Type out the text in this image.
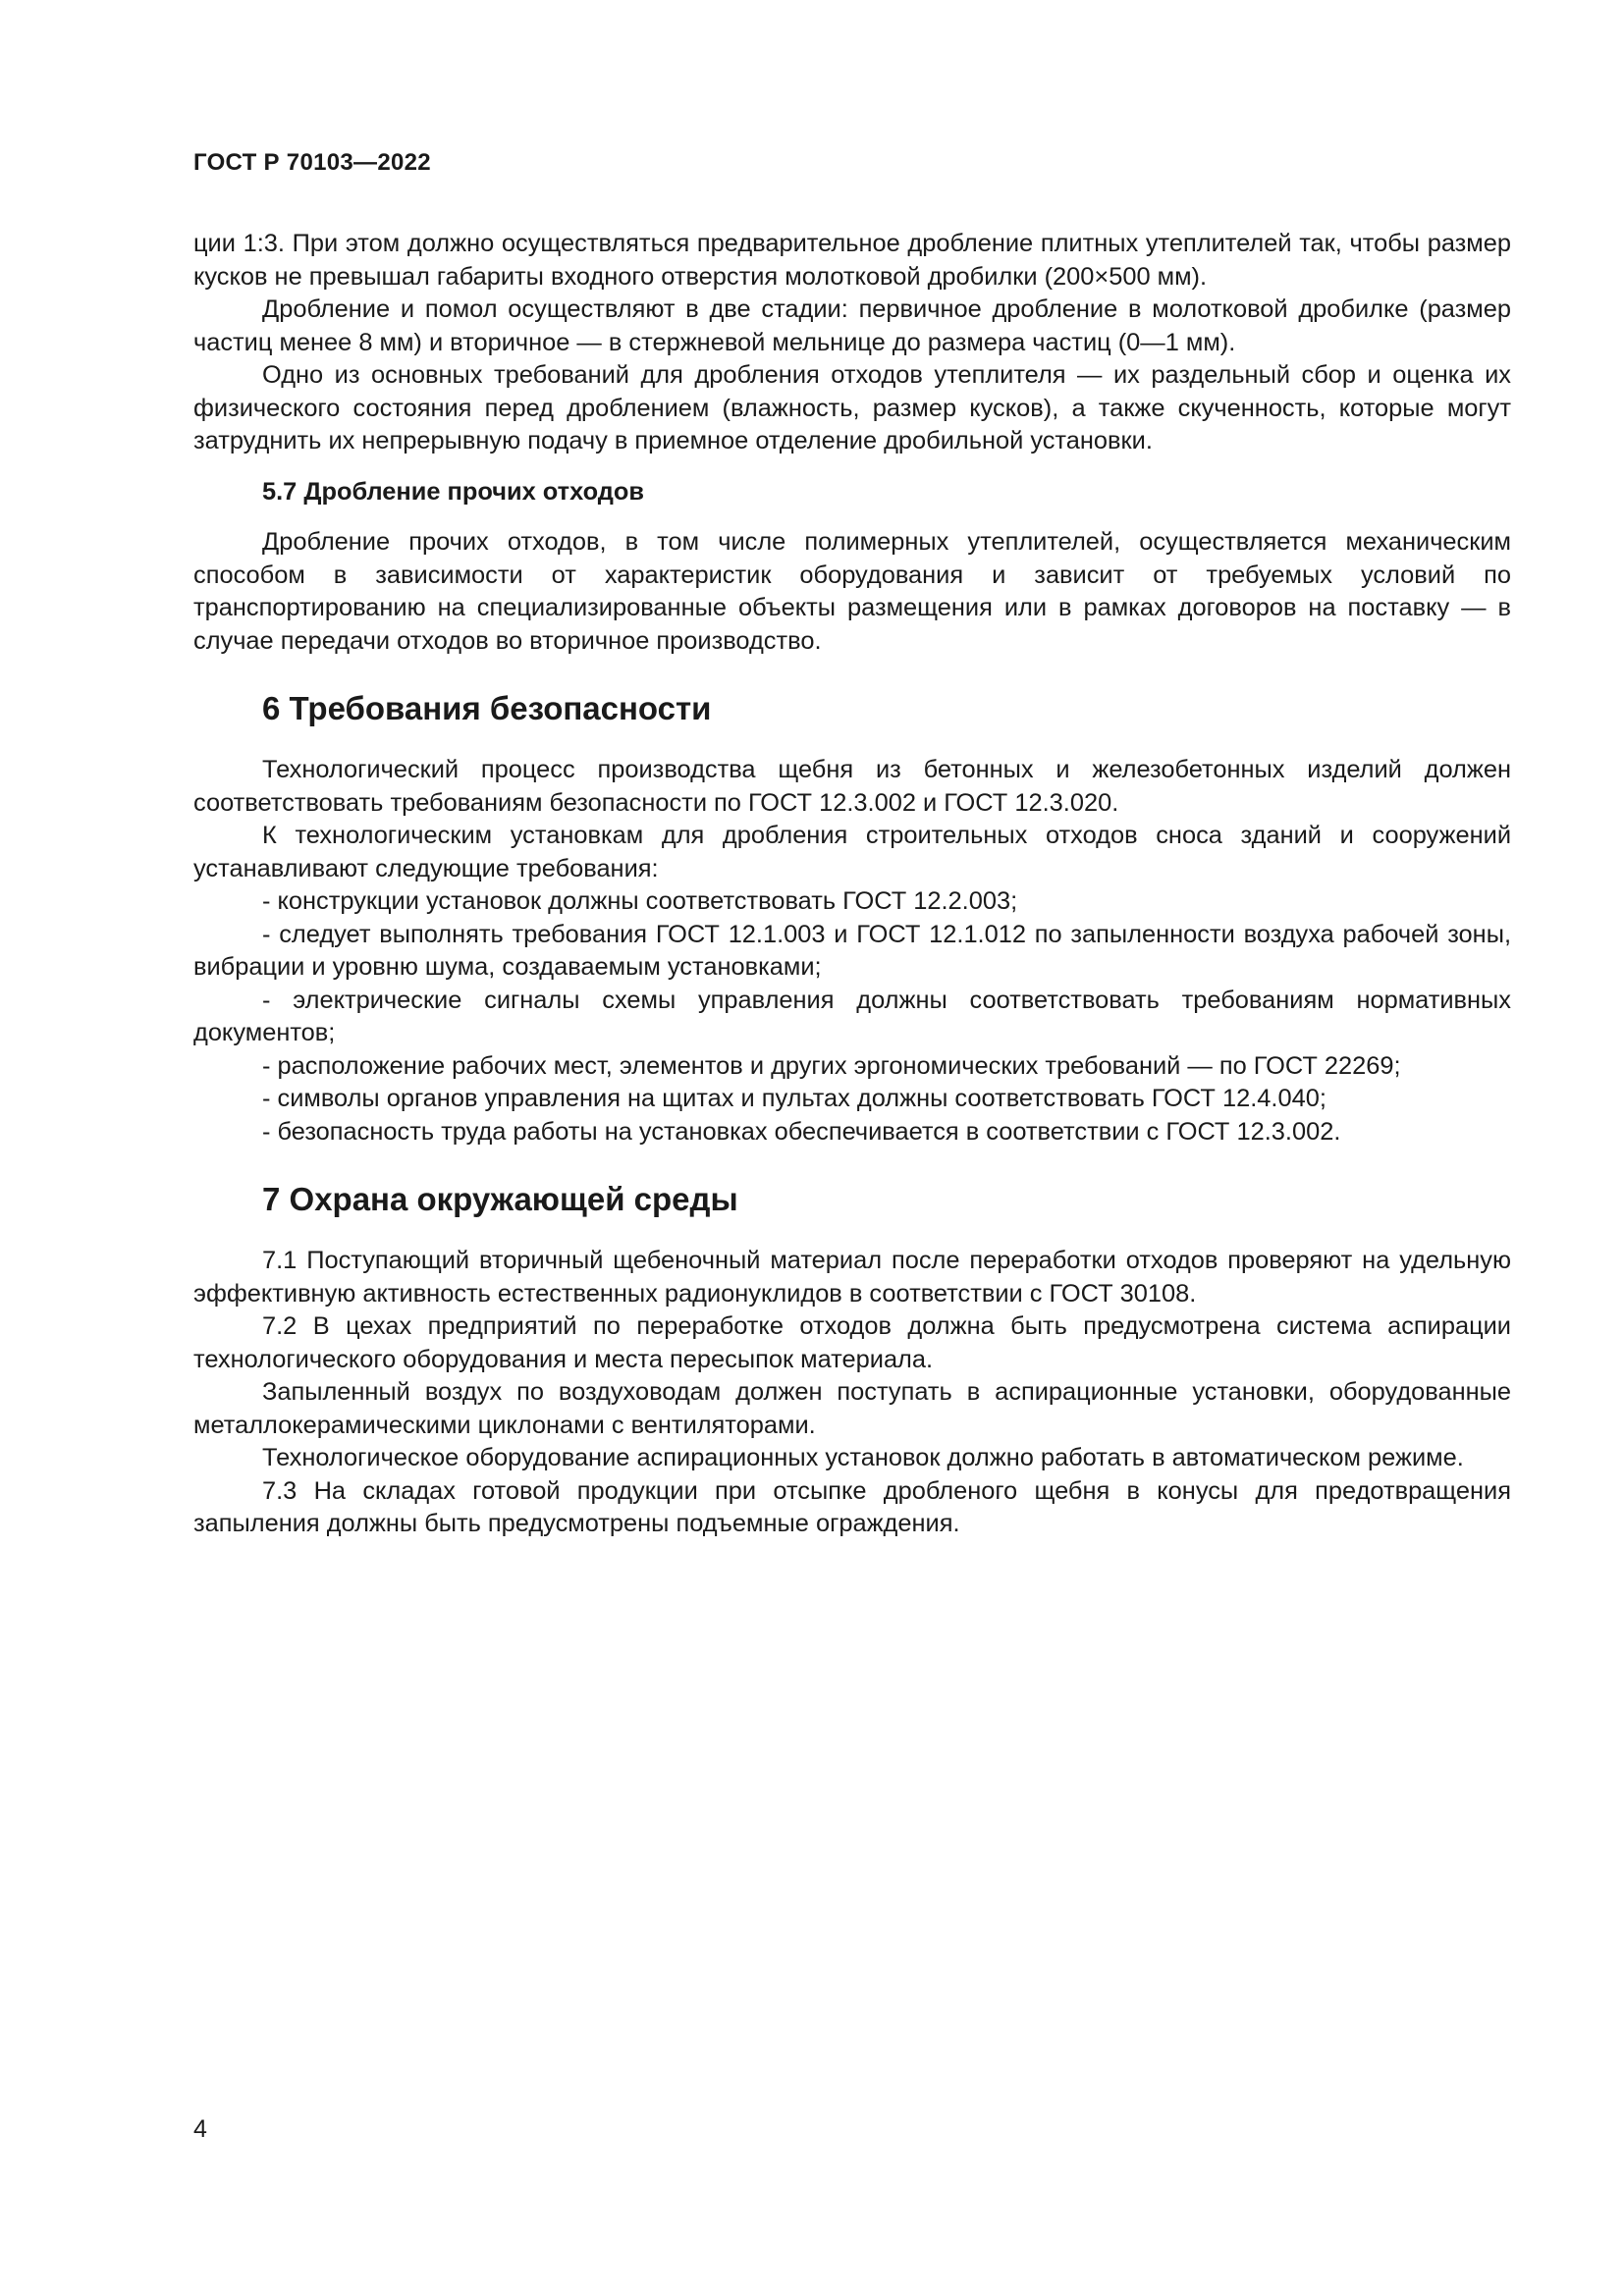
ГОСТ Р 70103—2022

ции 1:3. При этом должно осуществляться предварительное дробление плитных утеплителей так, чтобы размер кусков не превышал габариты входного отверстия молотковой дробилки (200×500 мм).

Дробление и помол осуществляют в две стадии: первичное дробление в молотковой дробилке (размер частиц менее 8 мм) и вторичное — в стержневой мельнице до размера частиц (0—1 мм).

Одно из основных требований для дробления отходов утеплителя — их раздельный сбор и оценка их физического состояния перед дроблением (влажность, размер кусков), а также скученность, которые могут затруднить их непрерывную подачу в приемное отделение дробильной установки.

5.7 Дробление прочих отходов

Дробление прочих отходов, в том числе полимерных утеплителей, осуществляется механическим способом в зависимости от характеристик оборудования и зависит от требуемых условий по транспортированию на специализированные объекты размещения или в рамках договоров на поставку — в случае передачи отходов во вторичное производство.

6 Требования безопасности

Технологический процесс производства щебня из бетонных и железобетонных изделий должен соответствовать требованиям безопасности по ГОСТ 12.3.002 и ГОСТ 12.3.020.

К технологическим установкам для дробления строительных отходов сноса зданий и сооружений устанавливают следующие требования:

- конструкции установок должны соответствовать ГОСТ 12.2.003;

- следует выполнять требования ГОСТ 12.1.003 и ГОСТ 12.1.012 по запыленности воздуха рабочей зоны, вибрации и уровню шума, создаваемым установками;

- электрические сигналы схемы управления должны соответствовать требованиям нормативных документов;

- расположение рабочих мест, элементов и других эргономических требований — по ГОСТ 22269;

- символы органов управления на щитах и пультах должны соответствовать ГОСТ 12.4.040;

- безопасность труда работы на установках обеспечивается в соответствии с ГОСТ 12.3.002.

7 Охрана окружающей среды

7.1 Поступающий вторичный щебеночный материал после переработки отходов проверяют на удельную эффективную активность естественных радионуклидов в соответствии с ГОСТ 30108.

7.2 В цехах предприятий по переработке отходов должна быть предусмотрена система аспирации технологического оборудования и места пересыпок материала.

Запыленный воздух по воздуховодам должен поступать в аспирационные установки, оборудованные металлокерамическими циклонами с вентиляторами.

Технологическое оборудование аспирационных установок должно работать в автоматическом режиме.

7.3 На складах готовой продукции при отсыпке дробленого щебня в конусы для предотвращения запыления должны быть предусмотрены подъемные ограждения.

4
